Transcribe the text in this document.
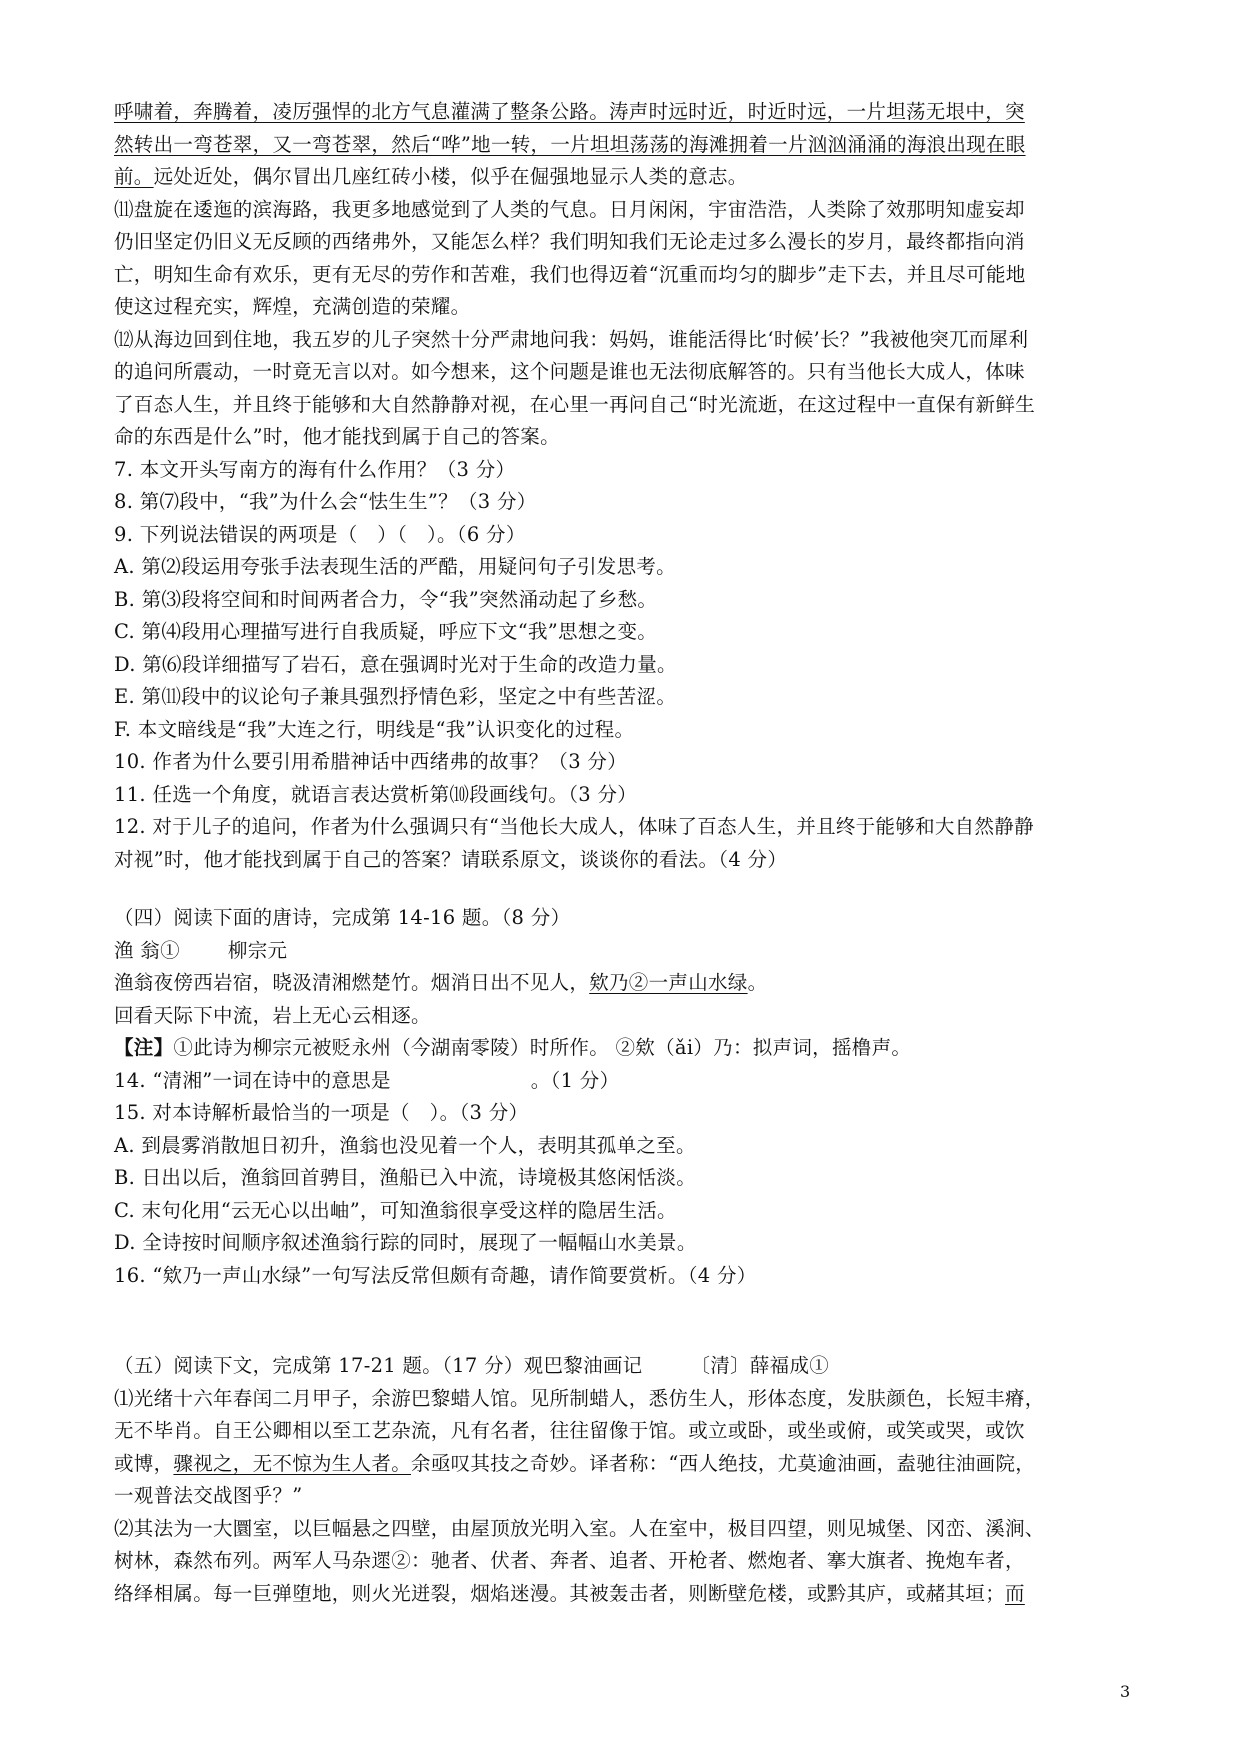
呼啸着，奔腾着，凌厉强悍的北方气息灌满了整条公路。涛声时远时近，时近时远，一片坦荡无垠中，突
然转出一弯苍翠，又一弯苍翠，然后“哗”地一转，一片坦坦荡荡的海滩拥着一片汹汹涌涌的海浪出现在眼
前。远处近处，偶尔冒出几座红砖小楼，似乎在倔强地显示人类的意志。
⑾盘旋在逶迤的滨海路，我更多地感觉到了人类的气息。日月闲闲，宇宙浩浩，人类除了效那明知虚妄却
仍旧坚定仍旧义无反顾的西绪弗外，又能怎么样？我们明知我们无论走过多么漫长的岁月，最终都指向消
亡，明知生命有欢乐，更有无尽的劳作和苦难，我们也得迈着“沉重而均匀的脚步”走下去，并且尽可能地
使这过程充实，辉煌，充满创造的荣耀。
⑿从海边回到住地，我五岁的儿子突然十分严肃地问我：妈妈，谁能活得比‘时候’长？”我被他突兀而犀利
的追问所震动，一时竟无言以对。如今想来，这个问题是谁也无法彻底解答的。只有当他长大成人，体味
了百态人生，并且终于能够和大自然静静对视，在心里一再问自己“时光流逝，在这过程中一直保有新鲜生
命的东西是什么”时，他才能找到属于自己的答案。
7. 本文开头写南方的海有什么作用？（3 分）
8. 第⑺段中，“我”为什么会“怯生生”？（3 分）
9. 下列说法错误的两项是（　）（　）。（6 分）
A. 第⑵段运用夸张手法表现生活的严酷，用疑问句子引发思考。
B. 第⑶段将空间和时间两者合力，令“我”突然涌动起了乡愁。
C. 第⑷段用心理描写进行自我质疑，呼应下文“我”思想之变。
D. 第⑹段详细描写了岩石，意在强调时光对于生命的改造力量。
E. 第⑾段中的议论句子兼具强烈抒情色彩，坚定之中有些苦涩。
F. 本文暗线是“我”大连之行，明线是“我”认识变化的过程。
10. 作者为什么要引用希腊神话中西绪弗的故事？（3 分）
11. 任选一个角度，就语言表达赏析第⑽段画线句。（3 分）
12. 对于儿子的追问，作者为什么强调只有“当他长大成人，体味了百态人生，并且终于能够和大自然静静
对视”时，他才能找到属于自己的答案？请联系原文，谈谈你的看法。（4 分）
（四）阅读下面的唐诗，完成第 14-16 题。（8 分）
渔 翁① 柳宗元
渔翁夜傍西岩宿，晓汲清湘燃楚竹。烟消日出不见人，欸乃②一声山水绿。
回看天际下中流，岩上无心云相逐。
【注】①此诗为柳宗元被贬永州（今湖南零陵）时所作。 ②欸（ǎi）乃：拟声词，摇橹声。
14. “清湘”一词在诗中的意思是	。（1 分）
15. 对本诗解析最恰当的一项是（　）。（3 分）
A. 到晨雾消散旭日初升，渔翁也没见着一个人，表明其孤单之至。
B. 日出以后，渔翁回首骋目，渔船已入中流，诗境极其悠闲恬淡。
C. 末句化用“云无心以出岫”，可知渔翁很享受这样的隐居生活。
D. 全诗按时间顺序叙述渔翁行踪的同时，展现了一幅幅山水美景。
16. “欸乃一声山水绿”一句写法反常但颇有奇趣，请作简要赏析。（4 分）
（五）阅读下文，完成第 17-21 题。（17 分）观巴黎油画记 〔清〕薛福成①
⑴光绪十六年春闰二月甲子，余游巴黎蜡人馆。见所制蜡人，悉仿生人，形体态度，发肤颜色，长短丰瘠，
无不毕肖。自王公卿相以至工艺杂流，凡有名者，往往留像于馆。或立或卧，或坐或俯，或笑或哭，或饮
或博，骤视之，无不惊为生人者。余亟叹其技之奇妙。译者称：“西人绝技，尤莫逾油画，盍驰往油画院，
一观普法交战图乎？”
⑵其法为一大圜室，以巨幅悬之四壁，由屋顶放光明入室。人在室中，极目四望，则见城堡、冈峦、溪涧、
树林，森然布列。两军人马杂遝②：驰者、伏者、奔者、追者、开枪者、燃炮者、搴大旗者、挽炮车者，
络绎相属。每一巨弹堕地，则火光迸裂，烟焰迷漫。其被轰击者，则断壁危楼，或黔其庐，或赭其垣；而
3
